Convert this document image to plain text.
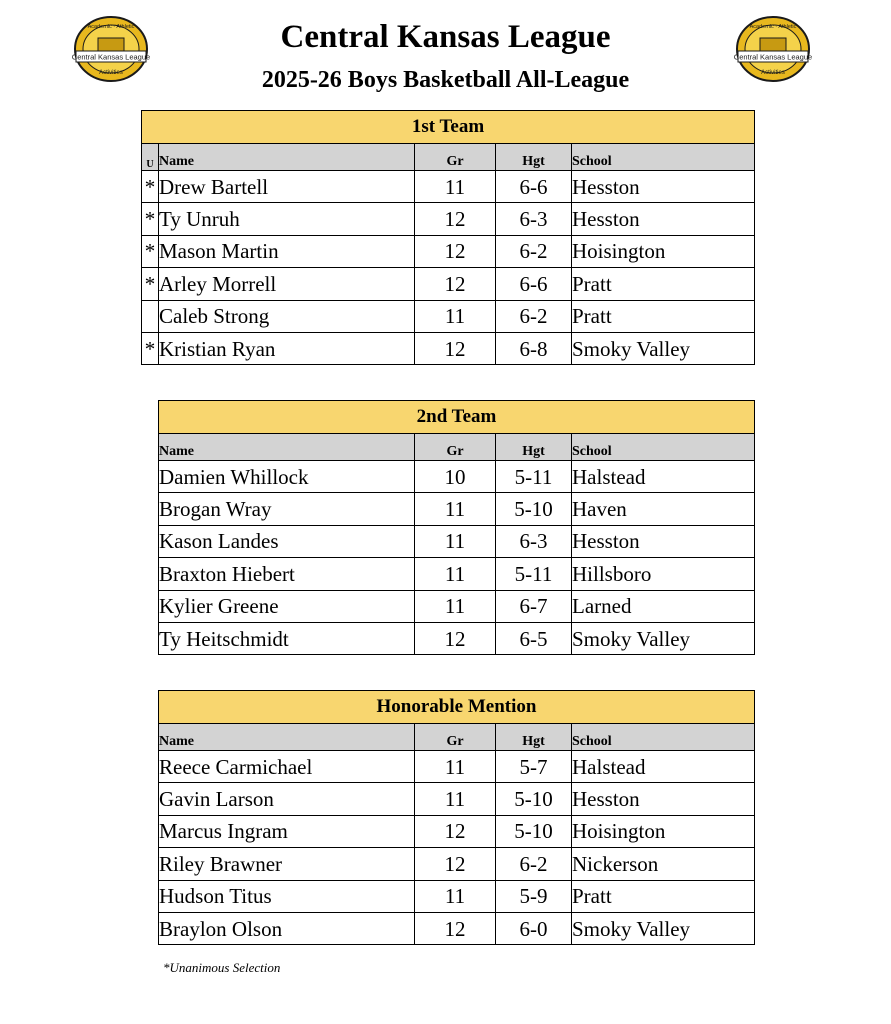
Central Kansas League
Academic · Athletic
Activities
Central Kansas League
Academic · Athletic
Activities
Central Kansas League
2025-26 Boys Basketball All-League
1st Team				
U	Name	Gr	Hgt	School
*	Drew Bartell	11	6-6	Hesston
*	Ty Unruh	12	6-3	Hesston
*	Mason Martin	12	6-2	Hoisington
*	Arley Morrell	12	6-6	Pratt
	Caleb Strong	11	6-2	Pratt
*	Kristian Ryan	12	6-8	Smoky Valley
2nd Team			
Name	Gr	Hgt	School
Damien Whillock	10	5-11	Halstead
Brogan Wray	11	5-10	Haven
Kason Landes	11	6-3	Hesston
Braxton Hiebert	11	5-11	Hillsboro
Kylier Greene	11	6-7	Larned
Ty Heitschmidt	12	6-5	Smoky Valley
Honorable Mention			
Name	Gr	Hgt	School
Reece Carmichael	11	5-7	Halstead
Gavin Larson	11	5-10	Hesston
Marcus Ingram	12	5-10	Hoisington
Riley Brawner	12	6-2	Nickerson
Hudson Titus	11	5-9	Pratt
Braylon Olson	12	6-0	Smoky Valley
*Unanimous Selection
